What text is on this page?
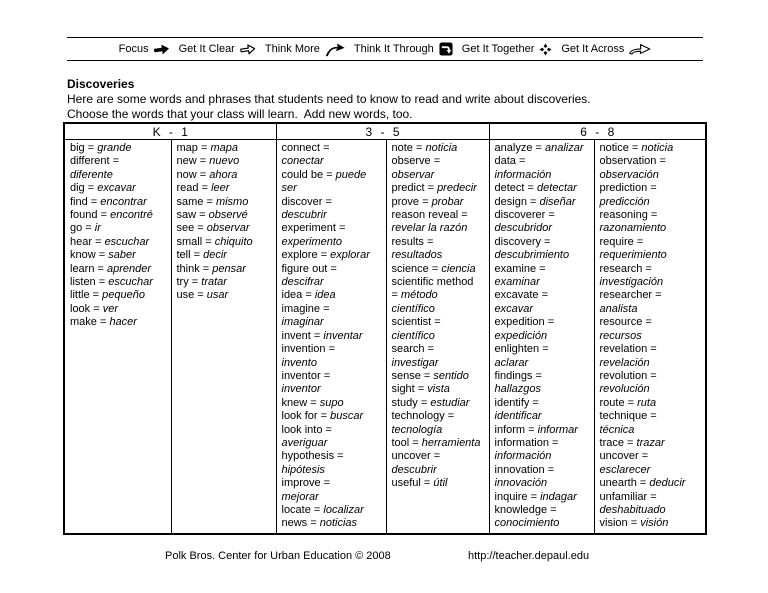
Focus	Get It Clear	Think More	Think It Through	Get It Together Get It Across
Discoveries
Here are some words and phrases that students need to know to read and write about discoveries.
Choose the words that your class will learn.  Add new words, too.
K - 1		3 - 5		6 - 8	

big = grande
different =
diferente
dig = excavar
find = encontrar
found = encontré
go = ir
hear = escuchar
know = saber
learn = aprender
listen = escuchar
little = pequeño
look = ver
make = hacer

map = mapa
new = nuevo
now = ahora
read = leer
same = mismo
saw = observé
see = observar
small = chiquito
tell = decir
think = pensar
try = tratar
use = usar

connect =
conectar
could be = puede
ser
discover =
descubrir
experiment =
experimento
explore = explorar
figure out =
descifrar
idea = idea
imagine =
imaginar
invent = inventar
invention =
invento
inventor =
inventor
knew = supo
look for = buscar
look into =
averiguar
hypothesis =
hipótesis
improve =
mejorar
locate = localizar
news = noticias

note = noticia
observe =
observar
predict = predecir
prove = probar
reason reveal =
revelar la razón
results =
resultados
science = ciencia
scientific method
= método
científico
scientist =
científico
search =
investigar
sense = sentido
sight = vista
study = estudiar
technology =
tecnología
tool = herramienta
uncover =
descubrir
useful = útil

analyze = analizar
data =
información
detect = detectar
design = diseñar
discoverer =
descubridor
discovery =
descubrimiento
examine =
examinar
excavate =
excavar
expedition =
expedición
enlighten =
aclarar
findings =
hallazgos
identify =
identificar
inform = informar
information =
información
innovation =
innovación
inquire = indagar
knowledge =
conocimiento

notice = noticia
observation =
observación
prediction =
predicción
reasoning =
razonamiento
require =
requerimiento
research =
investigación
researcher =
analista
resource =
recursos
revelation =
revelación
revolution =
revolución
route = ruta
technique =
técnica
trace = trazar
uncover =
esclarecer
unearth = deducir
unfamiliar =
deshabituado
vision = visión
Polk Bros. Center for Urban Education © 2008	http://teacher.depaul.edu
